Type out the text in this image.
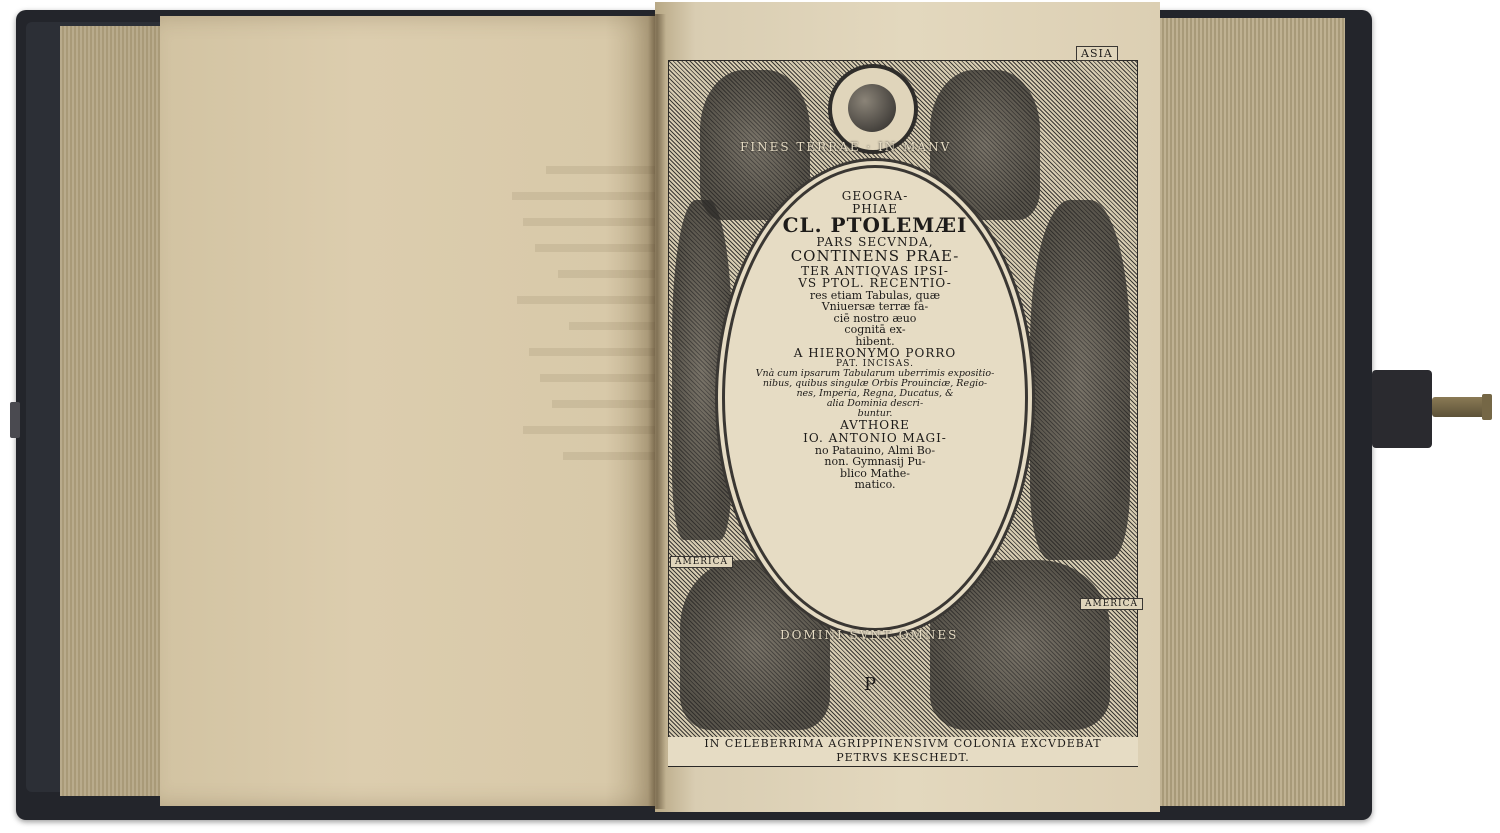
FINES TERRAE · IN MANV
DOMINI SVNT OMNES
ASIA
AMERICA
AMERICA
GEOGRA-
PHIAE
CL. PTOLEMÆI
PARS SECVNDA,
CONTINENS PRAE-
TER ANTIQVAS IPSI-
VS PTOL. RECENTIO-
res etiam Tabulas, quæ
Vniuersæ terræ fa-
ciē nostro æuo
cognitā ex-
hibent.
A HIERONYMO PORRO
PAT. INCISAS.
Vnà cum ipsarum Tabularum uberrimis expositio-
nibus, quibus singulæ Orbis Prouinciæ, Regio-
nes, Imperia, Regna, Ducatus, &
alia Dominia descri-
buntur.
AVTHORE
IO. ANTONIO MAGI-
no Patauino, Almi Bo-
non. Gymnasij Pu-
blico Mathe-
matico.
P
IN CELEBERRIMA AGRIPPINENSIVM COLONIA EXCVDEBAT
PETRVS KESCHEDT.
